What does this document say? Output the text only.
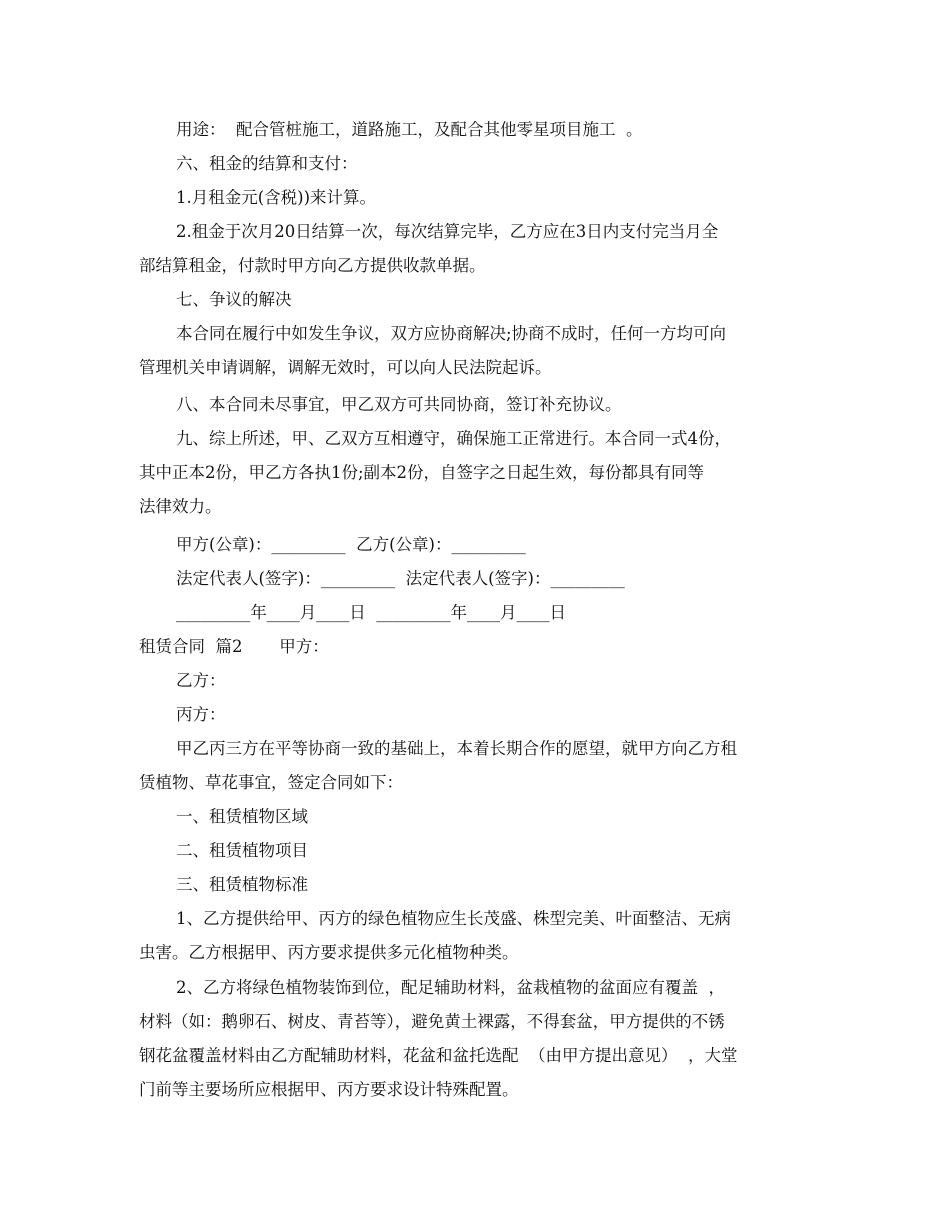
用途：  配合管桩施工，道路施工，及配合其他零星项目施工  。

六、租金的结算和支付：

1.月租金元(含税))来计算。

2.租金于次月20日结算一次，每次结算完毕，乙方应在3日内支付完当月全

部结算租金，付款时甲方向乙方提供收款单据。

七、争议的解决

本合同在履行中如发生争议，双方应协商解决;协商不成时，任何一方均可向

管理机关申请调解，调解无效时，可以向人民法院起诉。

八、本合同未尽事宜，甲乙双方可共同协商，签订补充协议。

九、综上所述，甲、乙双方互相遵守，确保施工正常进行。本合同一式4份，

其中正本2份，甲乙方各执1份;副本2份，自签字之日起生效，每份都具有同等

法律效力。

甲方(公章)：_________  乙方(公章)：_________

法定代表人(签字)：_________  法定代表人(签字)：_________

_________年____月____日  _________年____月____日

租赁合同  篇2       甲方：

乙方：

丙方：

甲乙丙三方在平等协商一致的基础上，本着长期合作的愿望，就甲方向乙方租

赁植物、草花事宜，签定合同如下：

一、租赁植物区域

二、租赁植物项目

三、租赁植物标准

1、乙方提供给甲、丙方的绿色植物应生长茂盛、株型完美、叶面整洁、无病

虫害。乙方根据甲、丙方要求提供多元化植物种类。

2、乙方将绿色植物装饰到位，配足辅助材料，盆栽植物的盆面应有覆盖  ，

材料（如：鹅卵石、树皮、青苔等），避免黄土裸露，不得套盆，甲方提供的不锈

钢花盆覆盖材料由乙方配辅助材料，花盆和盆托选配  （由甲方提出意见）  ，大堂

门前等主要场所应根据甲、丙方要求设计特殊配置。
